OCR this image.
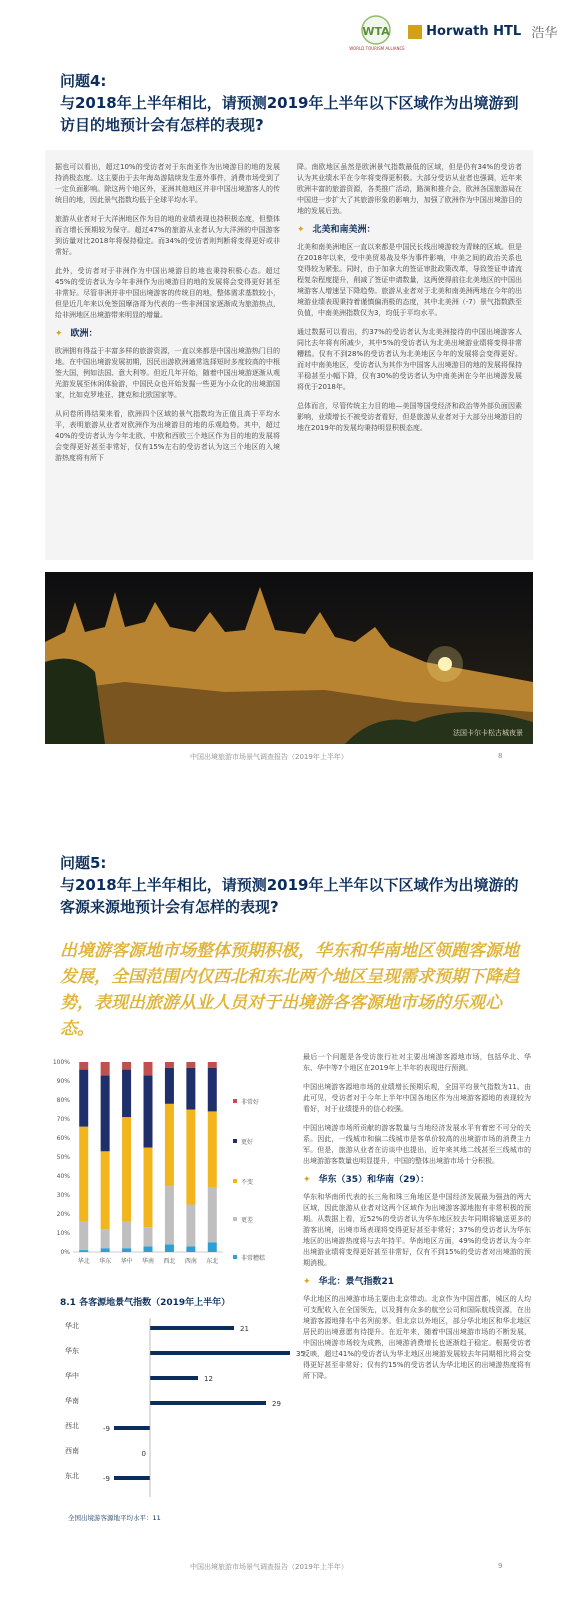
WTA
WORLD TOURISM ALLIANCE
Horwath HTL 浩华
问题4:
与2018年上半年相比，请预测2019年上半年以下区域作为出境游到访目的地预计会有怎样的表现?

据也可以看出，超过10%的受访者对于东南亚作为出境游目的地的发展持消极态度。这主要由于去年海岛游陆续发生意外事件，消费市场受到了一定负面影响。除这两个地区外，亚洲其他地区并非中国出境游客人的传统目的地，因此景气指数均低于全球平均水平。

旅游从业者对于大洋洲地区作为目的地的业绩表现也持积极态度，但整体而言增长预期较为保守。超过47%的旅游从业者认为大洋洲的中国游客到访量对比2018年将保持稳定。而34%的受访者则判断将变得更好或非常好。

此外，受访者对于非洲作为中国出境游目的地也秉持积极心态。超过45%的受访者认为今年非洲作为出境游目的地的发展将会变得更好甚至非常好。尽管非洲并非中国出境游客的传统目的地，整体需求基数较小，但是近几年来以免签国摩洛哥为代表的一些非洲国家逐渐成为旅游热点，给非洲地区出境游带来明显的增量。

✦ 欧洲：

欧洲拥有得益于丰富多样的旅游资源，一直以来都是中国出境游热门目的地。在中国出境游发展初期，因民出游欧洲通常选择短时多度较高的中根签大国，例如法国、意大利等。但近几年开始，随着中国出境游逐渐从观光游发展至休闲体验游，中国民众也开始发掘一些更为小众化的出境游国家，比如克罗地亚、捷克和北欧国家等。

从问卷所得结果来看，欧洲四个区域的景气指数均为正值且高于平均水平，表明旅游从业者对欧洲作为出境游目的地的乐观趋势。其中，超过40%的受访者认为今年北欧、中欧和西欧三个地区作为目的地的发展将会变得更好甚至非常好，仅有15%左右的受访者认为这三个地区的入境游热度将有所下

降。南欧地区虽然是欧洲景气指数最低的区域，但是仍有34%的受访者认为其业绩水平在今年将变得更积极。大部分受访从业者也强调，近年来欧洲丰富的旅游资源，各类推广活动，路演和推介会，欧洲各国旅游局在中国进一步扩大了其旅游形象的影响力，加强了欧洲作为中国出境游目的地的发展后劲。

✦ 北美和南美洲：

北美和南美洲地区一直以来都是中国民长线出境游较为青睐的区域。但是在2018年以来，受中美贸易战及华为事件影响，中美之间的政治关系也变得较为紧张。同时，由于加拿大的签证审批政策改革，导致签证申请流程复杂程度提升，削减了签证申请数量，这两使得前往北美地区的中国出境游客人增速呈下降趋势。旅游从业者对于北美和南美洲两地在今年的出境游业绩表现秉持着谨慎偏消极的态度，其中北美洲（-7）景气指数跌至负值，中南美洲指数仅为3，均低于平均水平。

通过数据可以看出，约37%的受访者认为北美洲接待的中国出境游客人同比去年将有所减少，其中5%的受访者认为北美出境游业绩将变得非常糟糕。仅有不到28%的受访者认为北美地区今年的发展将会变得更好。而对中南美地区，受访者认为其作为中国客人出境游目的地的发展将保持平稳甚至小幅下降，仅有30%的受访者认为中南美洲在今年出境游发展将优于2018年。

总体而言，尽管传统主力目的地—美国等国受经济和政治等外部负面因素影响，业绩增长不被受访者看好，但是旅游从业者对于大部分出境游目的地在2019年的发展均秉持明显积极态度。

法国卡尔卡松古城夜景
中国出境旅游市场景气调查报告（2019年上半年）	8
问题5:
与2018年上半年相比，请预测2019年上半年以下区域作为出境游的客源来源地预计会有怎样的表现?
出境游客源地市场整体预期积极，华东和华南地区领跑客源地发展，全国范围内仅西北和东北两个地区呈现需求预期下降趋势，表现出旅游从业人员对于出境游各客源地市场的乐观心态。
0%
10%
20%
30%
40%
50%
60%
70%
80%
90%
100%
华北 华东 华中 华南 西北 西南 东北
非常好
更好
不变
更差
非常糟糕
8.1 各客源地景气指数（2019年上半年）
华北	21
华东	35
华中	12
华南	29
西北	-9
西南	0
东北	-9
全国出境游客源地平均水平：11

最后一个问题是各受访旅行社对主要出境游客源地市场，包括华北、华东、华中等7个地区在2019年上半年的表现进行预测。

中国出境游客源地市场的业绩增长预期乐观，全国平均景气指数为11。由此可见，受访者对于今年上半年中国各地区作为出境游客源地的表现较为看好，对于业绩提升的信心较强。

中国出境游市场所贡献的游客数量与当地经济发展水平有着密不可分的关系。因此，一线城市和偏二线城市是客单价较高的出境游市场的消费主力军。但是，旅游从业者在访谈中也提出，近年来其地二线甚至三线城市的出境游游客数量也明显提升，中国的整体出境游市场十分积极。

✦ 华东（35）和华南（29）：

华东和华南所代表的长三角和珠三角地区是中国经济发展最为强劲的两大区域，因此旅游从业者对这两个区域作为出境游客源地抱有非常积极的预期。从数据上看，近52%的受访者认为华东地区较去年同期将输送更多的游客出境，出境市场表现将变得更好甚至非常好；37%的受访者认为华东地区的出境游热度将与去年持平。华南地区方面，49%的受访者认为今年出境游业绩将变得更好甚至非常好，仅有不到15%的受访者对出境游的预期消极。

✦ 华北：景气指数21

华北地区的出境游市场主要由北京带动。北京作为中国首都，城区的人均可支配收入在全国领先，以及拥有众多的航空公司和国际航线资源，在出境游客源地排名中名列前茅。但北京以外地区，部分华北地区和华北地区居民的出境意愿有待提升。在近年来，随着中国出境游市场的不断发展，中国出境游市场较为成熟，出境游消费增长也逐渐趋于稳定。根据受访者反映，超过41%的受访者认为华北地区出境游发展较去年同期相比将会变得更好甚至非常好；仅有约15%的受访者认为华北地区的出境游热度将有所下降。

中国出境旅游市场景气调查报告（2019年上半年）	9
